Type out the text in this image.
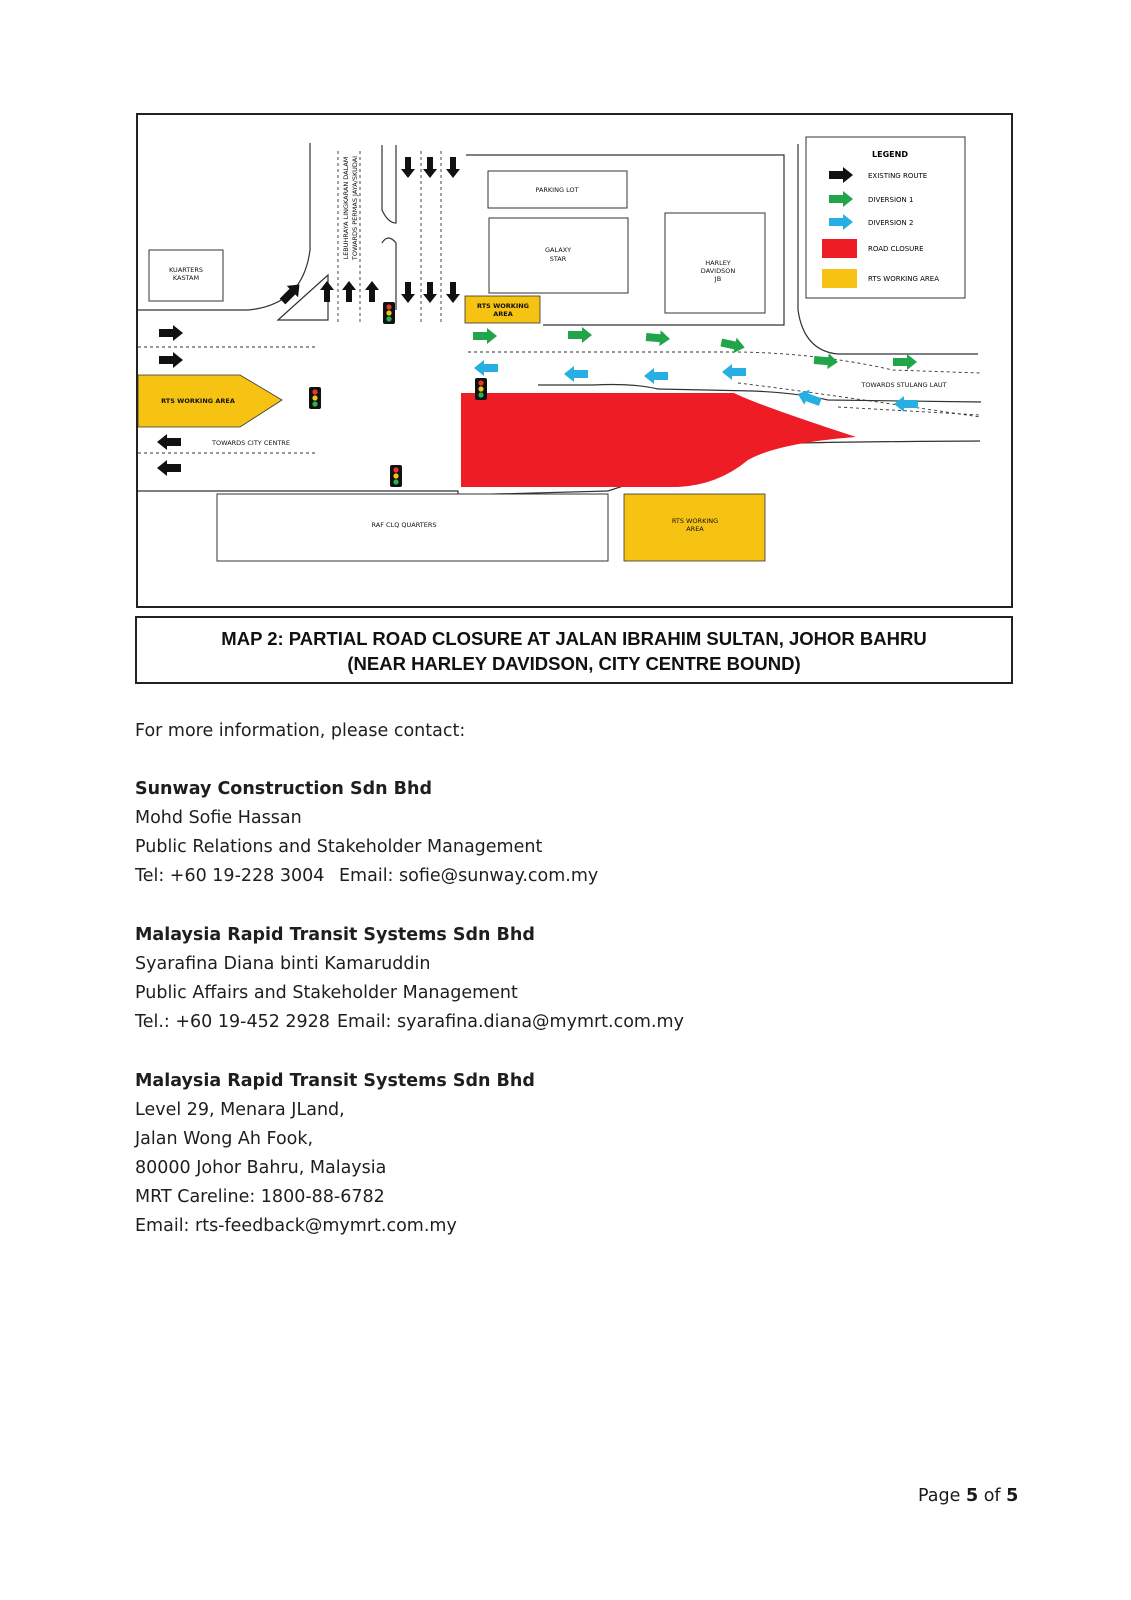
LEGEND
EXISTING ROUTE
DIVERSION 1
DIVERSION 2
ROAD CLOSURE
RTS WORKING AREA
KUARTERS
KASTAM
LEBUHRAYA LINGKARAN DALAM TOWARDS PERMAS JAYA/SKUDAI	PARKING LOT
GALAXY
STAR	HARLEY
DAVIDSON
JB
RTS WORKING
AREA
RTS WORKING AREA
TOWARDS CITY CENTRE
TOWARDS STULANG LAUT
RAF CLQ QUARTERS	RTS WORKING
AREA
MAP 2: PARTIAL ROAD CLOSURE AT JALAN IBRAHIM SULTAN, JOHOR BAHRU
(NEAR HARLEY DAVIDSON, CITY CENTRE BOUND)
For more information, please contact:
Sunway Construction Sdn Bhd
Mohd Sofie Hassan
Public Relations and Stakeholder Management
Tel: +60 19-228 3004 Email: sofie@sunway.com.my
Malaysia Rapid Transit Systems Sdn Bhd
Syarafina Diana binti Kamaruddin
Public Affairs and Stakeholder Management
Tel.: +60 19-452 2928 Email: syarafina.diana@mymrt.com.my
Malaysia Rapid Transit Systems Sdn Bhd
Level 29, Menara JLand,
Jalan Wong Ah Fook,
80000 Johor Bahru, Malaysia
MRT Careline: 1800-88-6782
Email: rts-feedback@mymrt.com.my
Page 5 of 5
